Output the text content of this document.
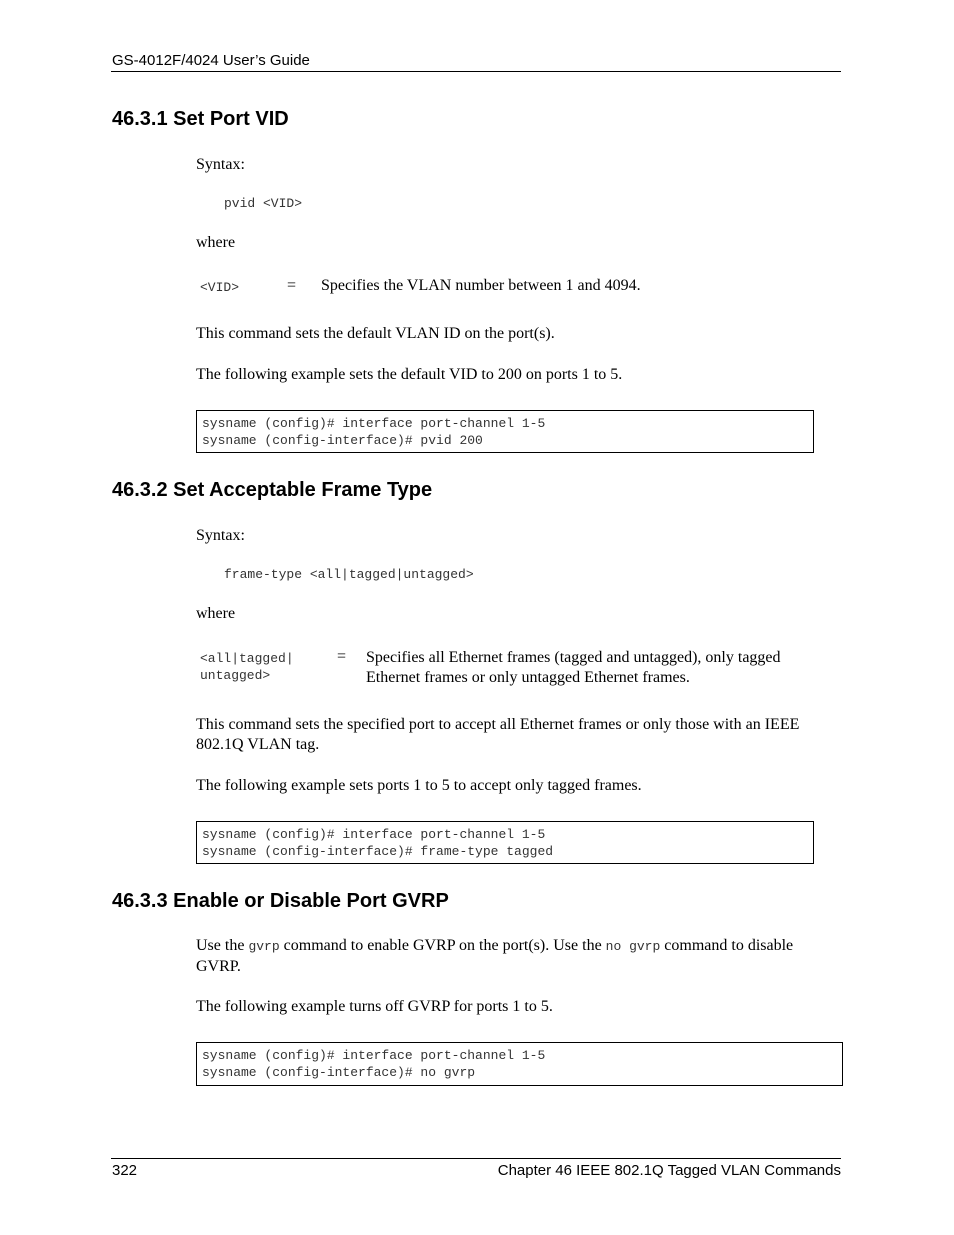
GS-4012F/4024 User’s Guide
46.3.1 Set Port VID
Syntax:
pvid <VID>
where
<VID>	= Specifies the VLAN number between 1 and 4094.
This command sets the default VLAN ID on the port(s).
The following example sets the default VID to 200 on ports 1 to 5.
sysname (config)# interface port-channel 1-5
sysname (config-interface)# pvid 200
46.3.2 Set Acceptable Frame Type
Syntax:
frame-type <all|tagged|untagged>
where
<all|tagged|
untagged>
= Specifies all Ethernet frames (tagged and untagged), only tagged
Ethernet frames or only untagged Ethernet frames.
This command sets the specified port to accept all Ethernet frames or only those with an IEEE
802.1Q VLAN tag.
The following example sets ports 1 to 5 to accept only tagged frames.
sysname (config)# interface port-channel 1-5
sysname (config-interface)# frame-type tagged
46.3.3 Enable or Disable Port GVRP
Use the gvrp command to enable GVRP on the port(s). Use the no gvrp command to disable
GVRP.
The following example turns off GVRP for ports 1 to 5.
sysname (config)# interface port-channel 1-5
sysname (config-interface)# no gvrp
322	Chapter 46 IEEE 802.1Q Tagged VLAN Commands
